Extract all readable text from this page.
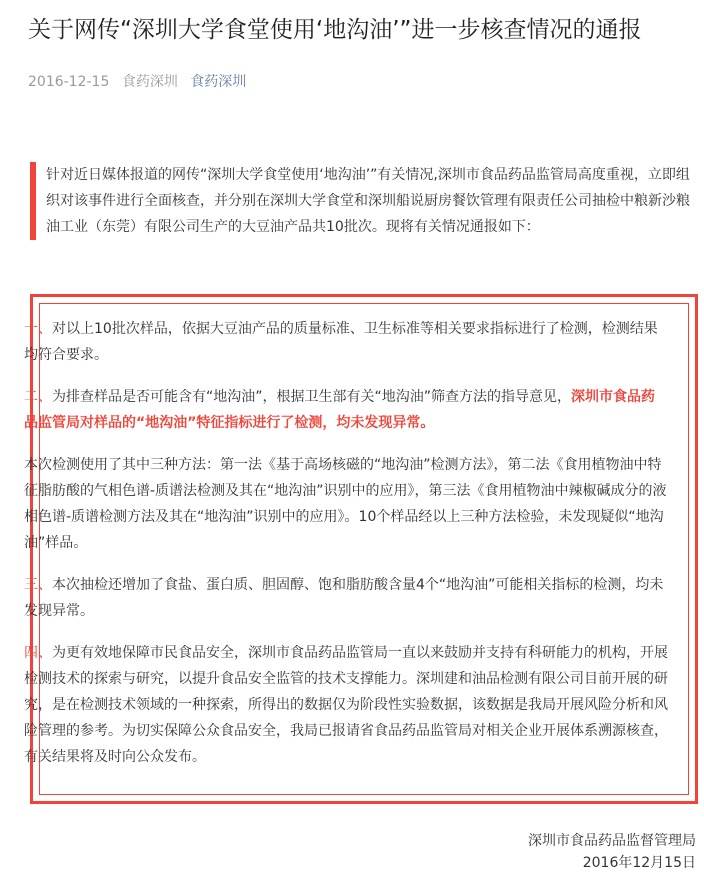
关于网传“深圳大学食堂使用‘地沟油’”进一步核查情况的通报
2016-12-15 食药深圳 食药深圳
针对近日媒体报道的网传“深圳大学食堂使用‘地沟油’”有关情况,深圳市食品药品监管局高度重视，立即组织对该事件进行全面核查，并分别在深圳大学食堂和深圳船说厨房餐饮管理有限责任公司抽检中粮新沙粮油工业（东莞）有限公司生产的大豆油产品共10批次。现将有关情况通报如下：

一、对以上10批次样品，依据大豆油产品的质量标准、卫生标准等相关要求指标进行了检测，检测结果均符合要求。

二、为排查样品是否可能含有“地沟油”，根据卫生部有关“地沟油”筛查方法的指导意见，深圳市食品药品监管局对样品的“地沟油”特征指标进行了检测，均未发现异常。

本次检测使用了其中三种方法：第一法《基于高场核磁的“地沟油”检测方法》，第二法《食用植物油中特征脂肪酸的气相色谱-质谱法检测及其在“地沟油”识别中的应用》，第三法《食用植物油中辣椒碱成分的液相色谱-质谱检测方法及其在“地沟油”识别中的应用》。10个样品经以上三种方法检验，未发现疑似“地沟油”样品。

三、本次抽检还增加了食盐、蛋白质、胆固醇、饱和脂肪酸含量4个“地沟油”可能相关指标的检测，均未发现异常。

四、为更有效地保障市民食品安全，深圳市食品药品监管局一直以来鼓励并支持有科研能力的机构，开展检测技术的探索与研究，以提升食品安全监管的技术支撑能力。深圳建和油品检测有限公司目前开展的研究，是在检测技术领域的一种探索，所得出的数据仅为阶段性实验数据，该数据是我局开展风险分析和风险管理的参考。为切实保障公众食品安全，我局已报请省食品药品监管局对相关企业开展体系溯源核查，有关结果将及时向公众发布。

深圳市食品药品监督管理局
2016年12月15日
